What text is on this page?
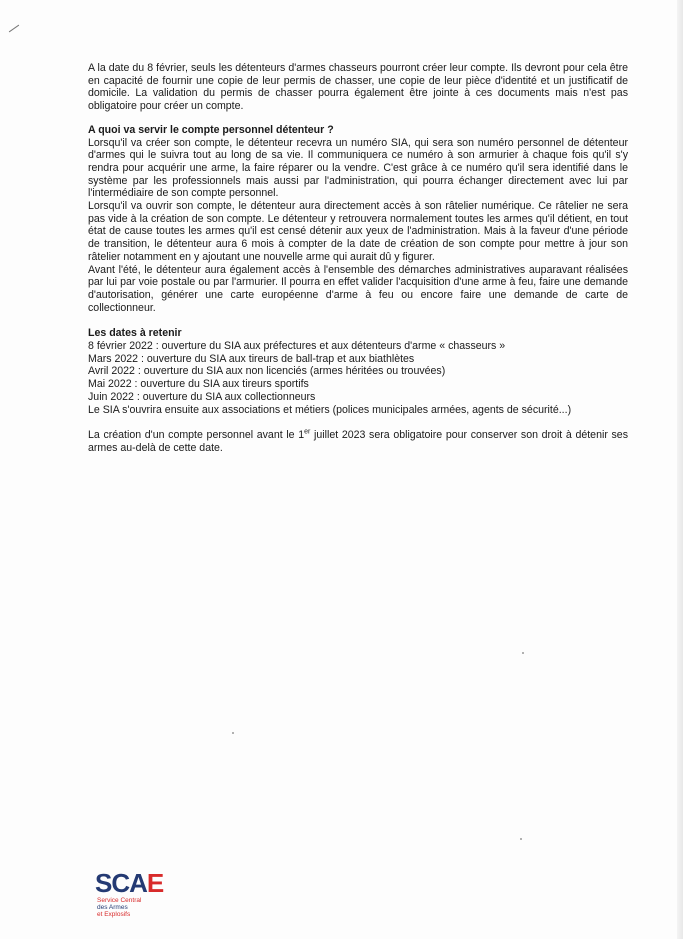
A la date du 8 février, seuls les détenteurs d'armes chasseurs pourront créer leur compte. Ils devront pour cela être en capacité de fournir une copie de leur permis de chasser, une copie de leur pièce d'identité et un justificatif de domicile. La validation du permis de chasser pourra également être jointe à ces documents mais n'est pas obligatoire pour créer un compte.

A quoi va servir le compte personnel détenteur ?

Lorsqu'il va créer son compte, le détenteur recevra un numéro SIA, qui sera son numéro personnel de détenteur d'armes qui le suivra tout au long de sa vie. Il communiquera ce numéro à son armurier à chaque fois qu'il s'y rendra pour acquérir une arme, la faire réparer ou la vendre. C'est grâce à ce numéro qu'il sera identifié dans le système par les professionnels mais aussi par l'administration, qui pourra échanger directement avec lui par l'intermédiaire de son compte personnel.

Lorsqu'il va ouvrir son compte, le détenteur aura directement accès à son râtelier numérique. Ce râtelier ne sera pas vide à la création de son compte. Le détenteur y retrouvera normalement toutes les armes qu'il détient, en tout état de cause toutes les armes qu'il est censé détenir aux yeux de l'administration. Mais à la faveur d'une période de transition, le détenteur aura 6 mois à compter de la date de création de son compte pour mettre à jour son râtelier notamment en y ajoutant une nouvelle arme qui aurait dû y figurer.

Avant l'été, le détenteur aura également accès à l'ensemble des démarches administratives auparavant réalisées par lui par voie postale ou par l'armurier. Il pourra en effet valider l'acquisition d'une arme à feu, faire une demande d'autorisation, générer une carte européenne d'arme à feu ou encore faire une demande de carte de collectionneur.

Les dates à retenir
8 février 2022 : ouverture du SIA aux préfectures et aux détenteurs d'arme « chasseurs »
Mars 2022 : ouverture du SIA aux tireurs de ball-trap et aux biathlètes
Avril 2022 : ouverture du SIA aux non licenciés (armes héritées ou trouvées)
Mai 2022 : ouverture du SIA aux tireurs sportifs
Juin 2022 : ouverture du SIA aux collectionneurs
Le SIA s'ouvrira ensuite aux associations et métiers (polices municipales armées, agents de sécurité...)

La création d'un compte personnel avant le 1er juillet 2023 sera obligatoire pour conserver son droit à détenir ses armes au-delà de cette date.

SCAE
Service Central
des Armes
et Explosifs
